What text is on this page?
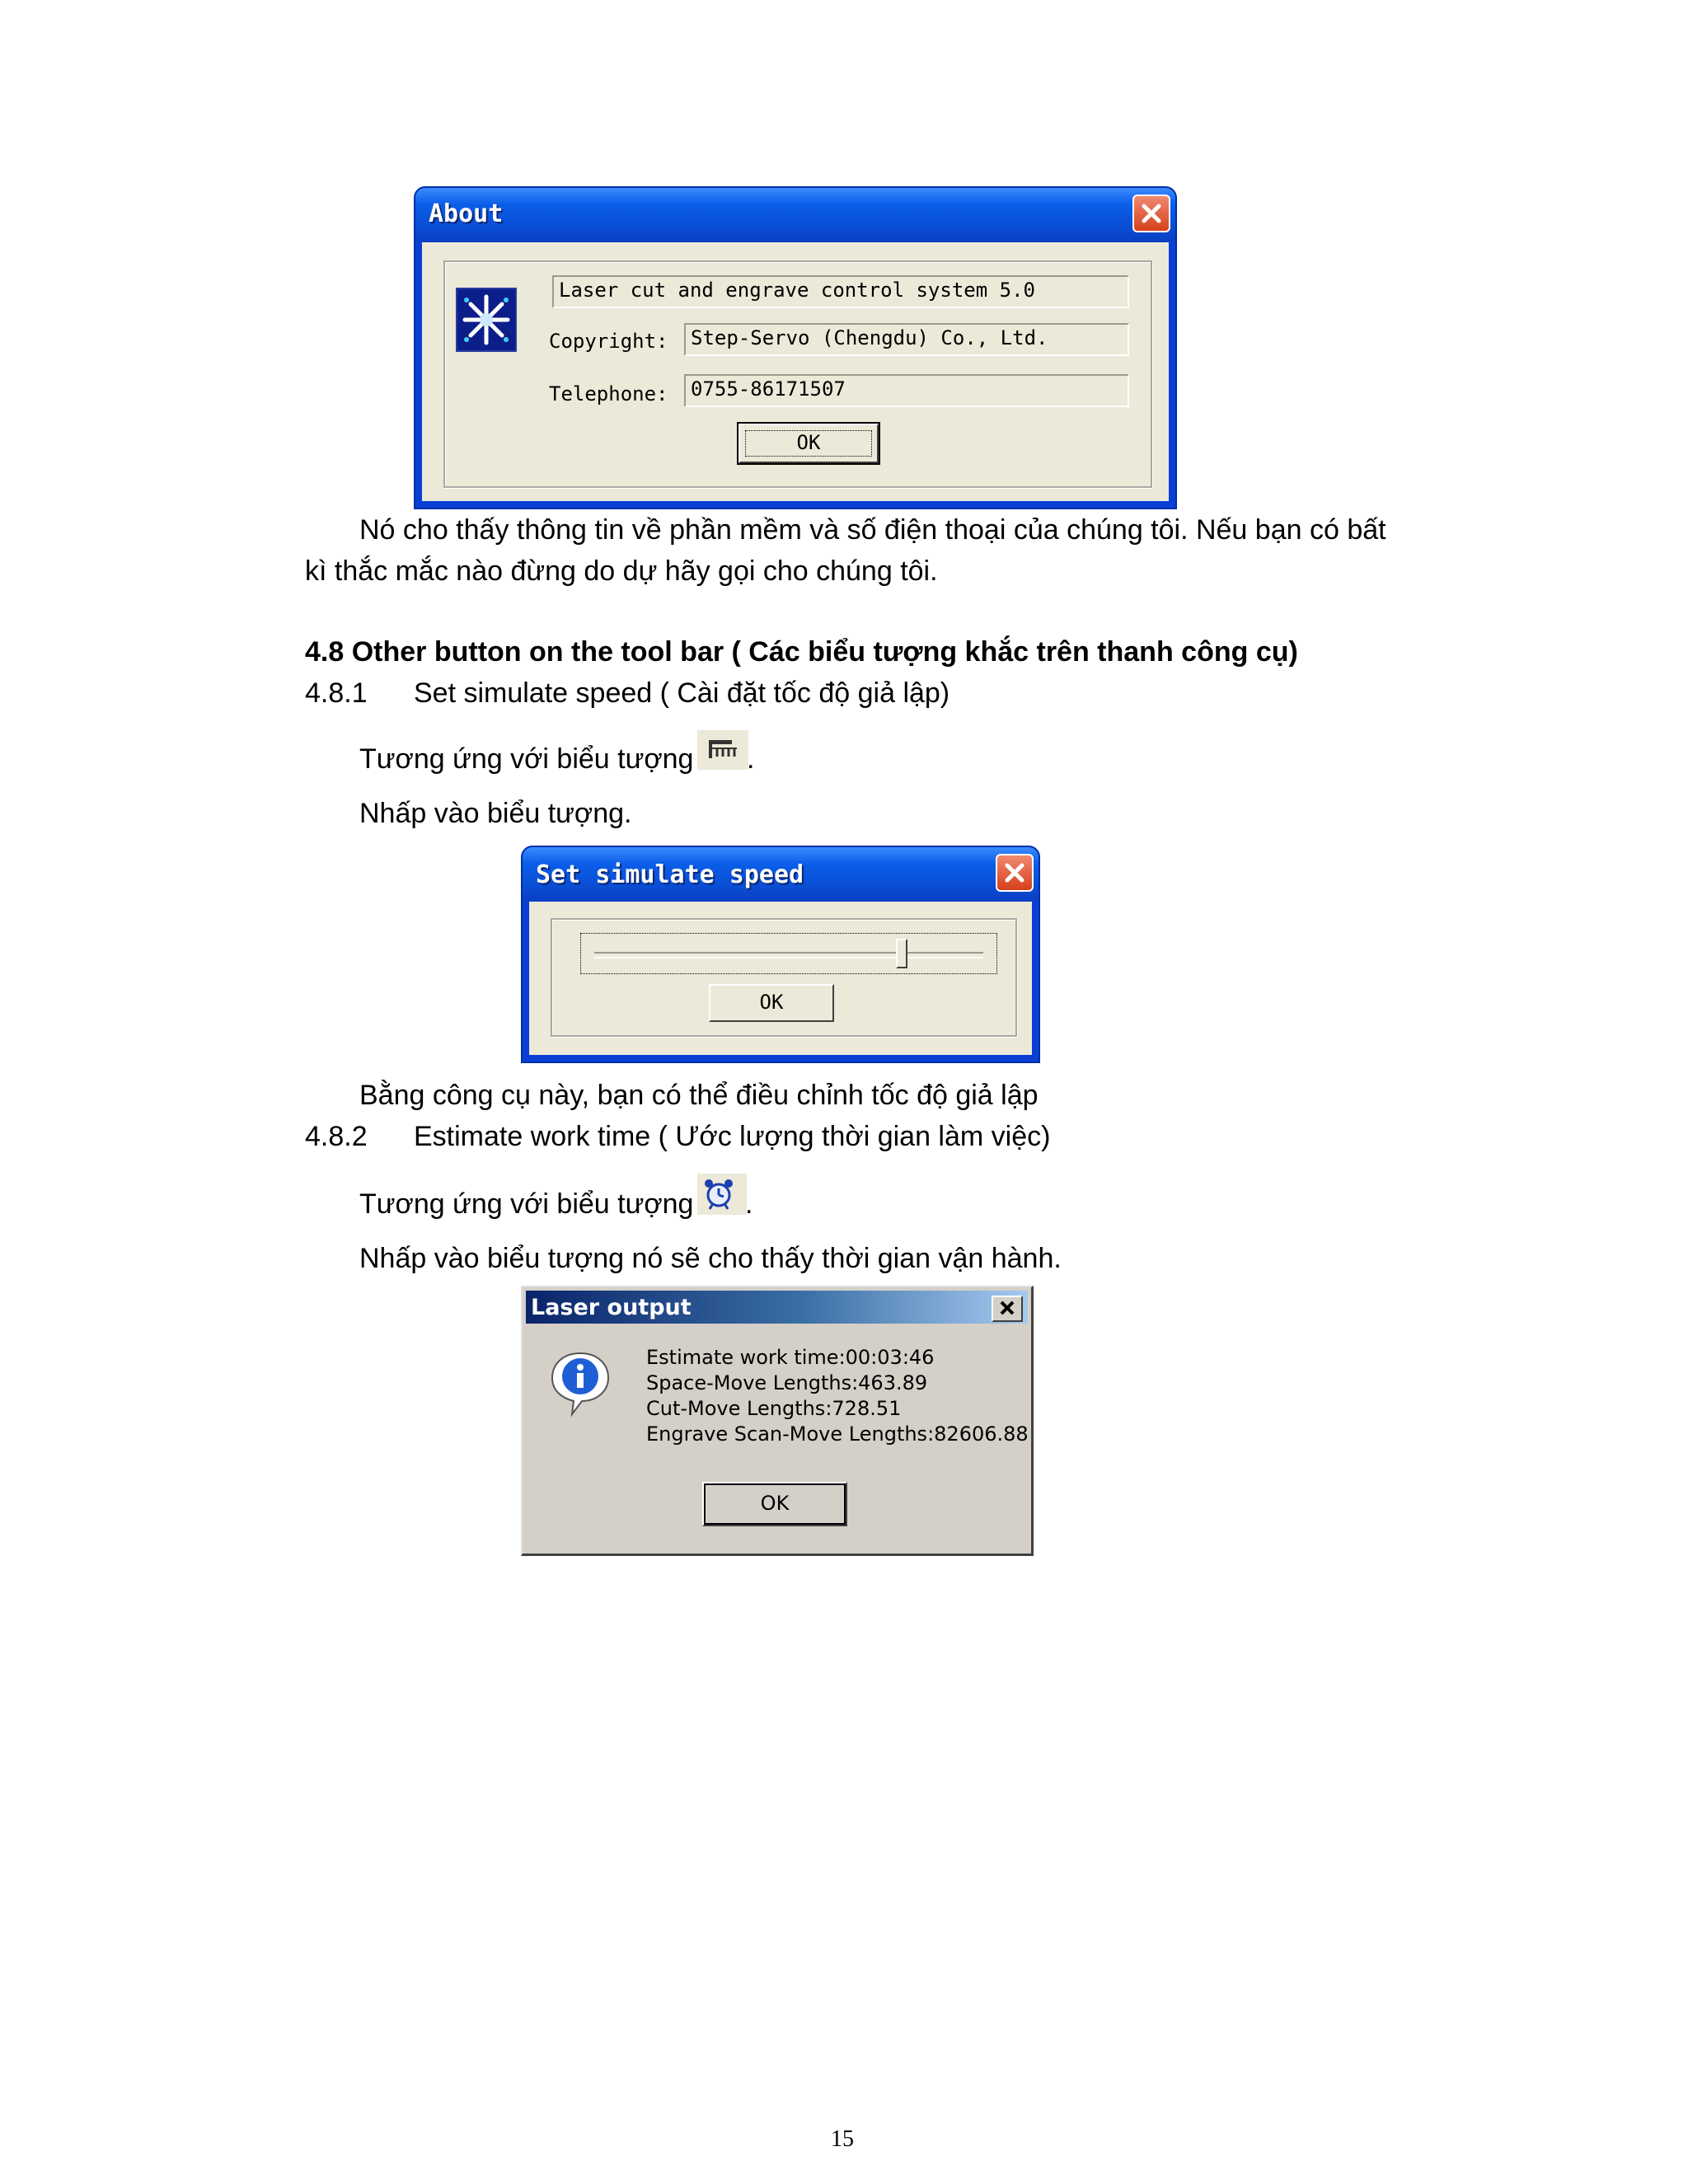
About
Laser cut and engrave control system 5.0
Copyright:	Step-Servo (Chengdu) Co., Ltd.
Telephone:	0755-86171507
OK
Nó cho thấy thông tin về phần mềm và số điện thoại của chúng tôi. Nếu bạn có bất
kì thắc mắc nào đừng do dự hãy gọi cho chúng tôi.
4.8 Other button on the tool bar ( Các biểu tượng khắc trên thanh công cụ)
4.8.1 Set simulate speed ( Cài đặt tốc độ giả lập)
Tương ứng với biểu tượng .
Nhấp vào biểu tượng.
Set simulate speed
OK
Bằng công cụ này, bạn có thể điều chỉnh tốc độ giả lập
4.8.2 Estimate work time ( Ước lượng thời gian làm việc)
Tương ứng với biểu tượng .
Nhấp vào biểu tượng nó sẽ cho thấy thời gian vận hành.
Laser output
Estimate work time:00:03:46
Space-Move Lengths:463.89
Cut-Move Lengths:728.51
Engrave Scan-Move Lengths:82606.88
OK
15
